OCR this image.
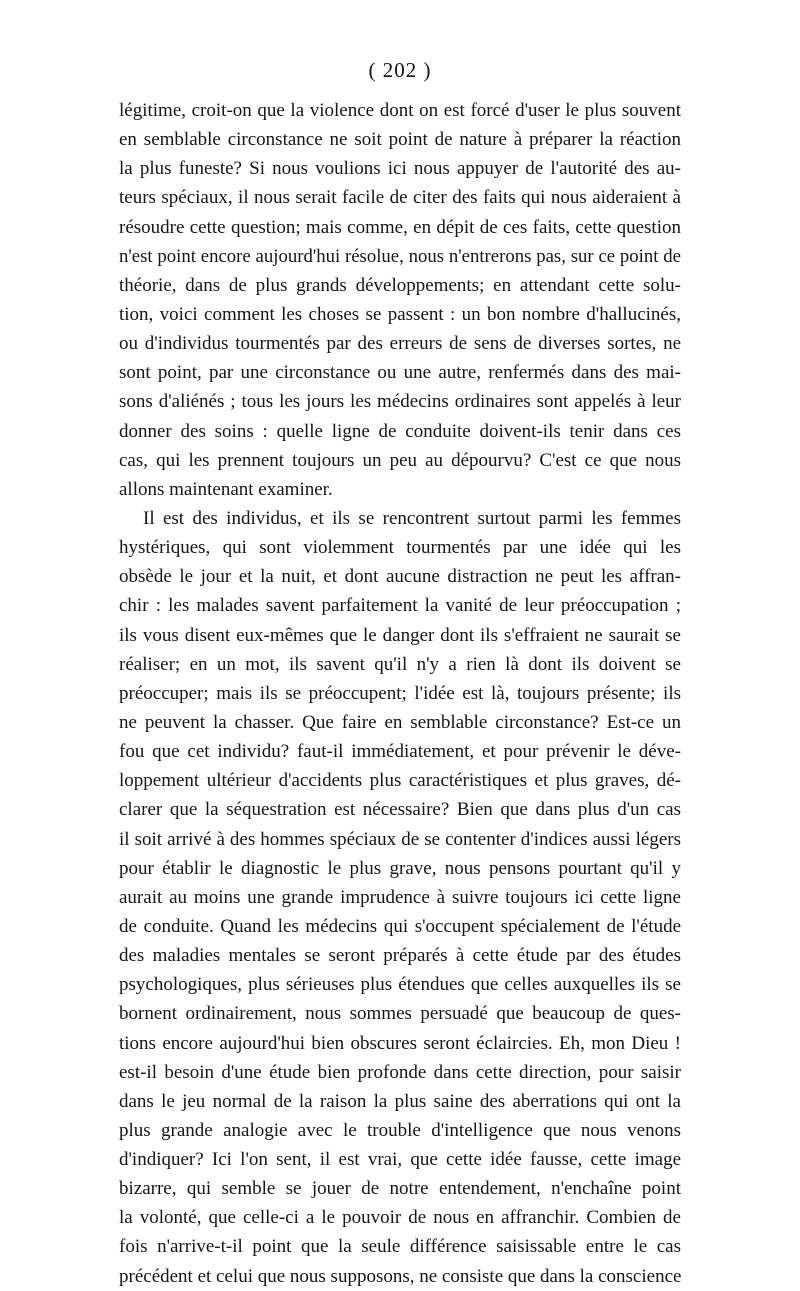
( 202 )
légitime, croit-on que la violence dont on est forcé d'user le plus souvent
en semblable circonstance ne soit point de nature à préparer la réaction
la plus funeste? Si nous voulions ici nous appuyer de l'autorité des au-
teurs spéciaux, il nous serait facile de citer des faits qui nous aideraient à
résoudre cette question; mais comme, en dépit de ces faits, cette question
n'est point encore aujourd'hui résolue, nous n'entrerons pas, sur ce point de
théorie, dans de plus grands développements; en attendant cette solu-
tion, voici comment les choses se passent : un bon nombre d'hallucinés,
ou d'individus tourmentés par des erreurs de sens de diverses sortes, ne
sont point, par une circonstance ou une autre, renfermés dans des mai-
sons d'aliénés ; tous les jours les médecins ordinaires sont appelés à leur
donner des soins : quelle ligne de conduite doivent-ils tenir dans ces
cas, qui les prennent toujours un peu au dépourvu? C'est ce que nous
allons maintenant examiner.
Il est des individus, et ils se rencontrent surtout parmi les femmes
hystériques, qui sont violemment tourmentés par une idée qui les
obsède le jour et la nuit, et dont aucune distraction ne peut les affran-
chir : les malades savent parfaitement la vanité de leur préoccupation ;
ils vous disent eux-mêmes que le danger dont ils s'effraient ne saurait se
réaliser; en un mot, ils savent qu'il n'y a rien là dont ils doivent se
préoccuper; mais ils se préoccupent; l'idée est là, toujours présente; ils
ne peuvent la chasser. Que faire en semblable circonstance? Est-ce un
fou que cet individu? faut-il immédiatement, et pour prévenir le déve-
loppement ultérieur d'accidents plus caractéristiques et plus graves, dé-
clarer que la séquestration est nécessaire? Bien que dans plus d'un cas
il soit arrivé à des hommes spéciaux de se contenter d'indices aussi légers
pour établir le diagnostic le plus grave, nous pensons pourtant qu'il y
aurait au moins une grande imprudence à suivre toujours ici cette ligne
de conduite. Quand les médecins qui s'occupent spécialement de l'étude
des maladies mentales se seront préparés à cette étude par des études
psychologiques, plus sérieuses plus étendues que celles auxquelles ils se
bornent ordinairement, nous sommes persuadé que beaucoup de ques-
tions encore aujourd'hui bien obscures seront éclaircies. Eh, mon Dieu !
est-il besoin d'une étude bien profonde dans cette direction, pour saisir
dans le jeu normal de la raison la plus saine des aberrations qui ont la
plus grande analogie avec le trouble d'intelligence que nous venons
d'indiquer? Ici l'on sent, il est vrai, que cette idée fausse, cette image
bizarre, qui semble se jouer de notre entendement, n'enchaîne point
la volonté, que celle-ci a le pouvoir de nous en affranchir. Combien de
fois n'arrive-t-il point que la seule différence saisissable entre le cas
précédent et celui que nous supposons, ne consiste que dans la conscience
